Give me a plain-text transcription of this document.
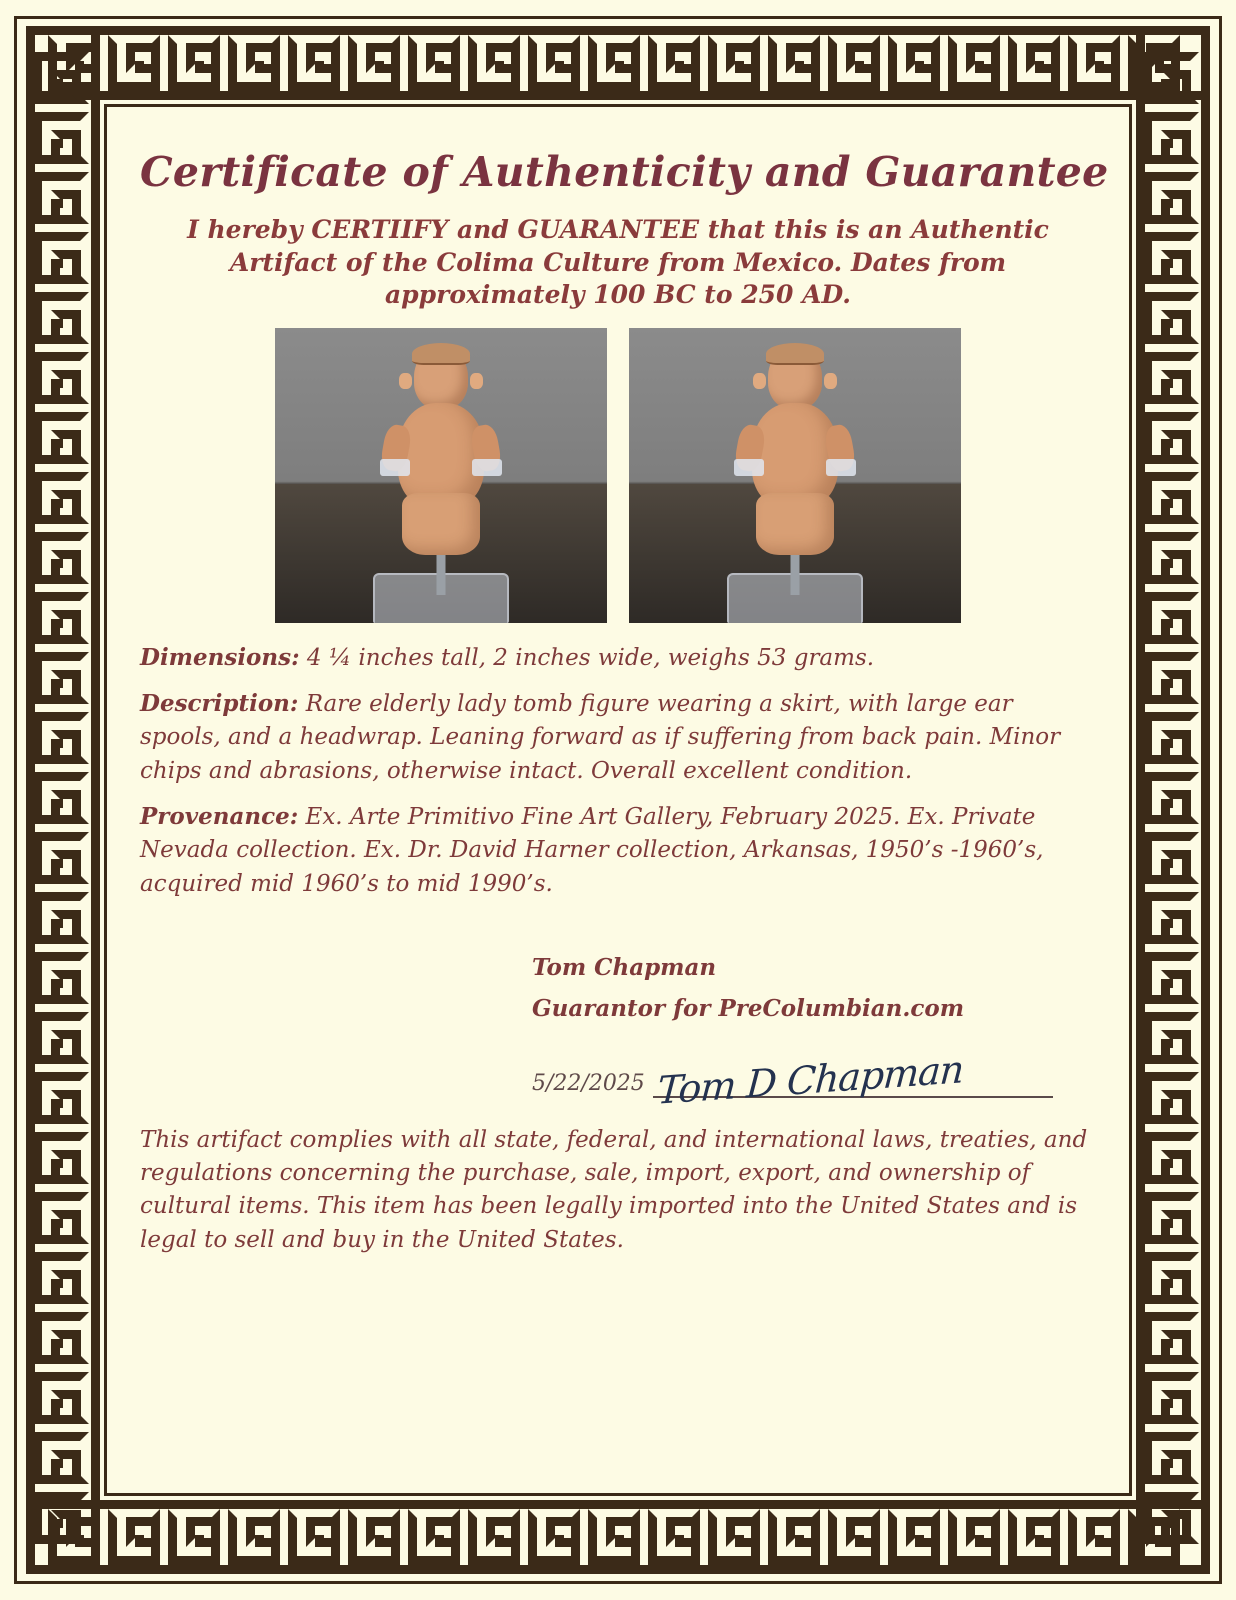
Certificate of Authenticity and Guarantee
I hereby CERTIIFY and GUARANTEE that this is an Authentic Artifact of the Colima Culture from Mexico. Dates from approximately 100 BC to 250 AD.

Dimensions: 4 ¼ inches tall, 2 inches wide, weighs 53 grams.

Description: Rare elderly lady tomb figure wearing a skirt, with large ear spools, and a headwrap. Leaning forward as if suffering from back pain. Minor chips and abrasions, otherwise intact. Overall excellent condition.

Provenance: Ex. Arte Primitivo Fine Art Gallery, February 2025. Ex. Private Nevada collection. Ex. Dr. David Harner collection, Arkansas, 1950’s -1960’s, acquired mid 1960’s to mid 1990’s.

Tom Chapman
Guarantor for PreColumbian.com
5/22/2025 Tom D Chapman

This artifact complies with all state, federal, and international laws, treaties, and regulations concerning the purchase, sale, import, export, and ownership of cultural items. This item has been legally imported into the United States and is legal to sell and buy in the United States.
